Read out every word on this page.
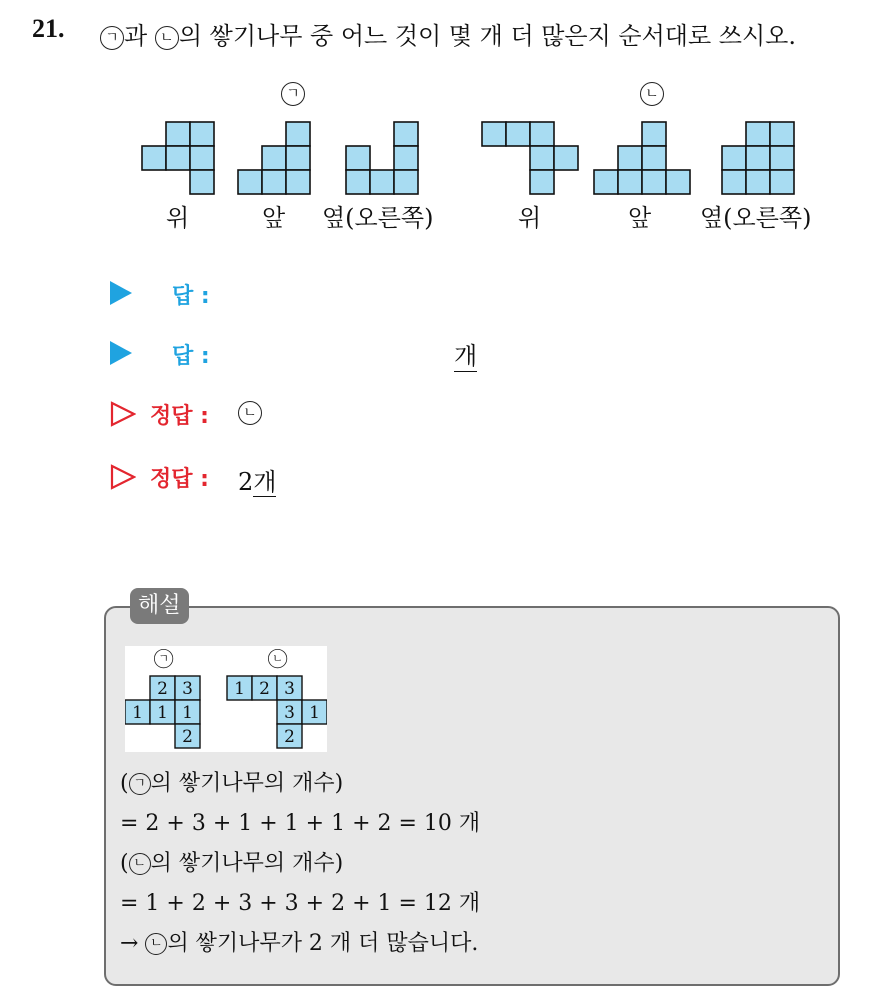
21.	ㄱ 과 ㄴ 의 쌓기나무 중 어느 것이 몇 개 더 많은지 순서대로 쓰시오.
ㄱ	ㄴ
위	앞 옆(오른쪽)	위	앞 옆(오른쪽)
답 :
답 :	개
정답 :	ㄴ
정답 : 2개
해설
ㄱ	ㄴ
2 3
1 1 1
2
1 2 3
3 1
2
( ㄱ 의 쌓기나무의 개수)
= 2 + 3 + 1 + 1 + 1 + 2 = 10 개
( ㄴ 의 쌓기나무의 개수)
= 1 + 2 + 3 + 3 + 2 + 1 = 12 개
→ ㄴ 의 쌓기나무가 2 개 더 많습니다.
